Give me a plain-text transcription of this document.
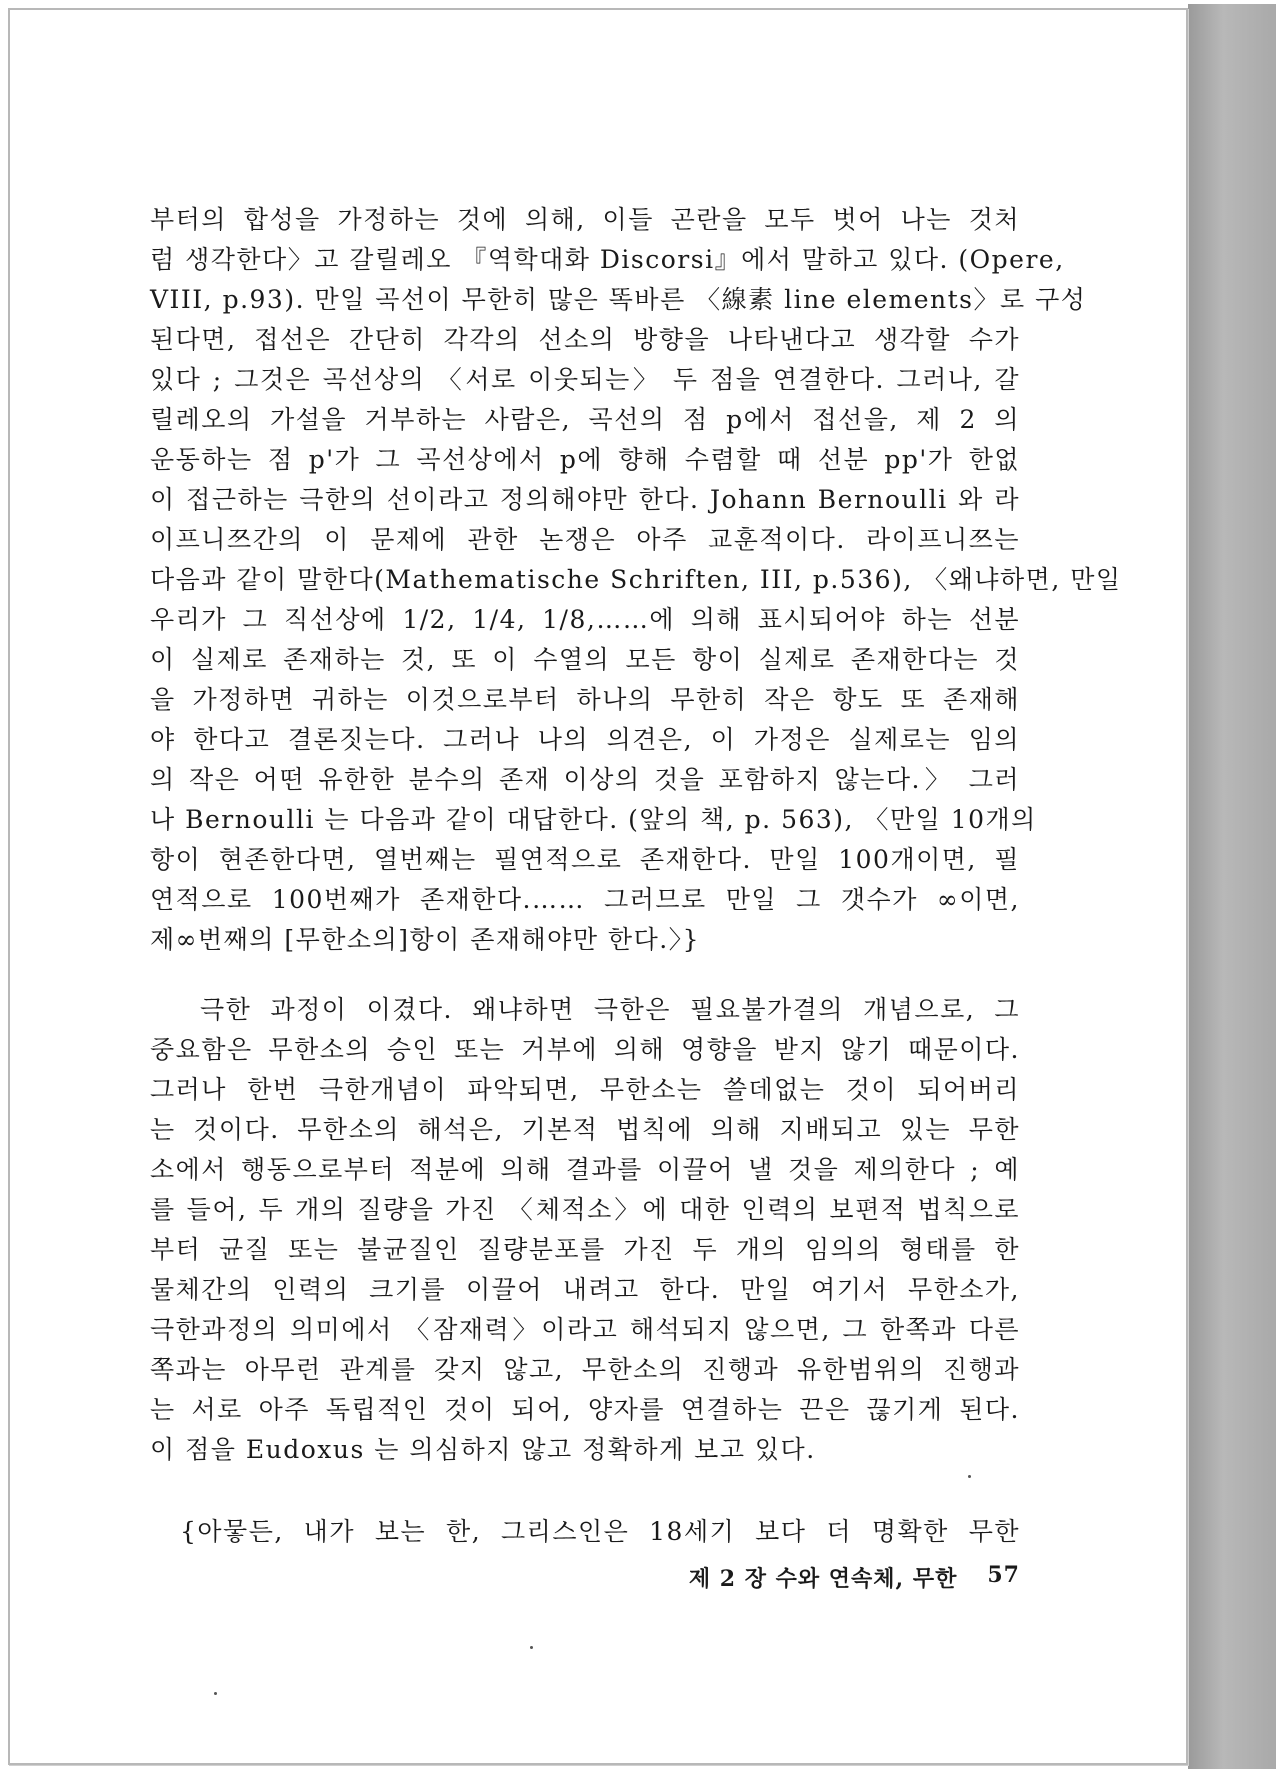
부터의 합성을 가정하는 것에 의해, 이들 곤란을 모두 벗어 나는 것처
럼 생각한다〉고 갈릴레오 『역학대화 Discorsi』에서 말하고 있다. (Opere,
VIII, p.93). 만일 곡선이 무한히 많은 똑바른 〈線素 line elements〉로 구성
된다면, 접선은 간단히 각각의 선소의 방향을 나타낸다고 생각할 수가
있다 ; 그것은 곡선상의 〈서로 이웃되는〉 두 점을 연결한다. 그러나, 갈
릴레오의 가설을 거부하는 사람은, 곡선의 점 p에서 접선을, 제 2 의
운동하는 점 p'가 그 곡선상에서 p에 향해 수렴할 때 선분 pp'가 한없
이 접근하는 극한의 선이라고 정의해야만 한다. Johann Bernoulli 와 라
이프니쯔간의 이 문제에 관한 논쟁은 아주 교훈적이다. 라이프니쯔는
다음과 같이 말한다(Mathematische Schriften, III, p.536), 〈왜냐하면, 만일
우리가 그 직선상에 1/2, 1/4, 1/8,……에 의해 표시되어야 하는 선분
이 실제로 존재하는 것, 또 이 수열의 모든 항이 실제로 존재한다는 것
을 가정하면 귀하는 이것으로부터 하나의 무한히 작은 항도 또 존재해
야 한다고 결론짓는다. 그러나 나의 의견은, 이 가정은 실제로는 임의
의 작은 어떤 유한한 분수의 존재 이상의 것을 포함하지 않는다.〉 그러
나 Bernoulli 는 다음과 같이 대답한다. (앞의 책, p. 563), 〈만일 10개의
항이 현존한다면, 열번째는 필연적으로 존재한다. 만일 100개이면, 필
연적으로 100번째가 존재한다.…… 그러므로 만일 그 갯수가 ∞이면,
제∞번째의 [무한소의]항이 존재해야만 한다.〉}
극한 과정이 이겼다. 왜냐하면 극한은 필요불가결의 개념으로, 그
중요함은 무한소의 승인 또는 거부에 의해 영향을 받지 않기 때문이다.
그러나 한번 극한개념이 파악되면, 무한소는 쓸데없는 것이 되어버리
는 것이다. 무한소의 해석은, 기본적 법칙에 의해 지배되고 있는 무한
소에서 행동으로부터 적분에 의해 결과를 이끌어 낼 것을 제의한다 ; 예
를 들어, 두 개의 질량을 가진 〈체적소〉에 대한 인력의 보편적 법칙으로
부터 균질 또는 불균질인 질량분포를 가진 두 개의 임의의 형태를 한
물체간의 인력의 크기를 이끌어 내려고 한다. 만일 여기서 무한소가,
극한과정의 의미에서 〈잠재력〉이라고 해석되지 않으면, 그 한쪽과 다른
쪽과는 아무런 관계를 갖지 않고, 무한소의 진행과 유한범위의 진행과
는 서로 아주 독립적인 것이 되어, 양자를 연결하는 끈은 끊기게 된다.
이 점을 Eudoxus 는 의심하지 않고 정확하게 보고 있다.
{아뭏든, 내가 보는 한, 그리스인은 18세기 보다 더 명확한 무한
제 2 장 수와 연속체, 무한 57
